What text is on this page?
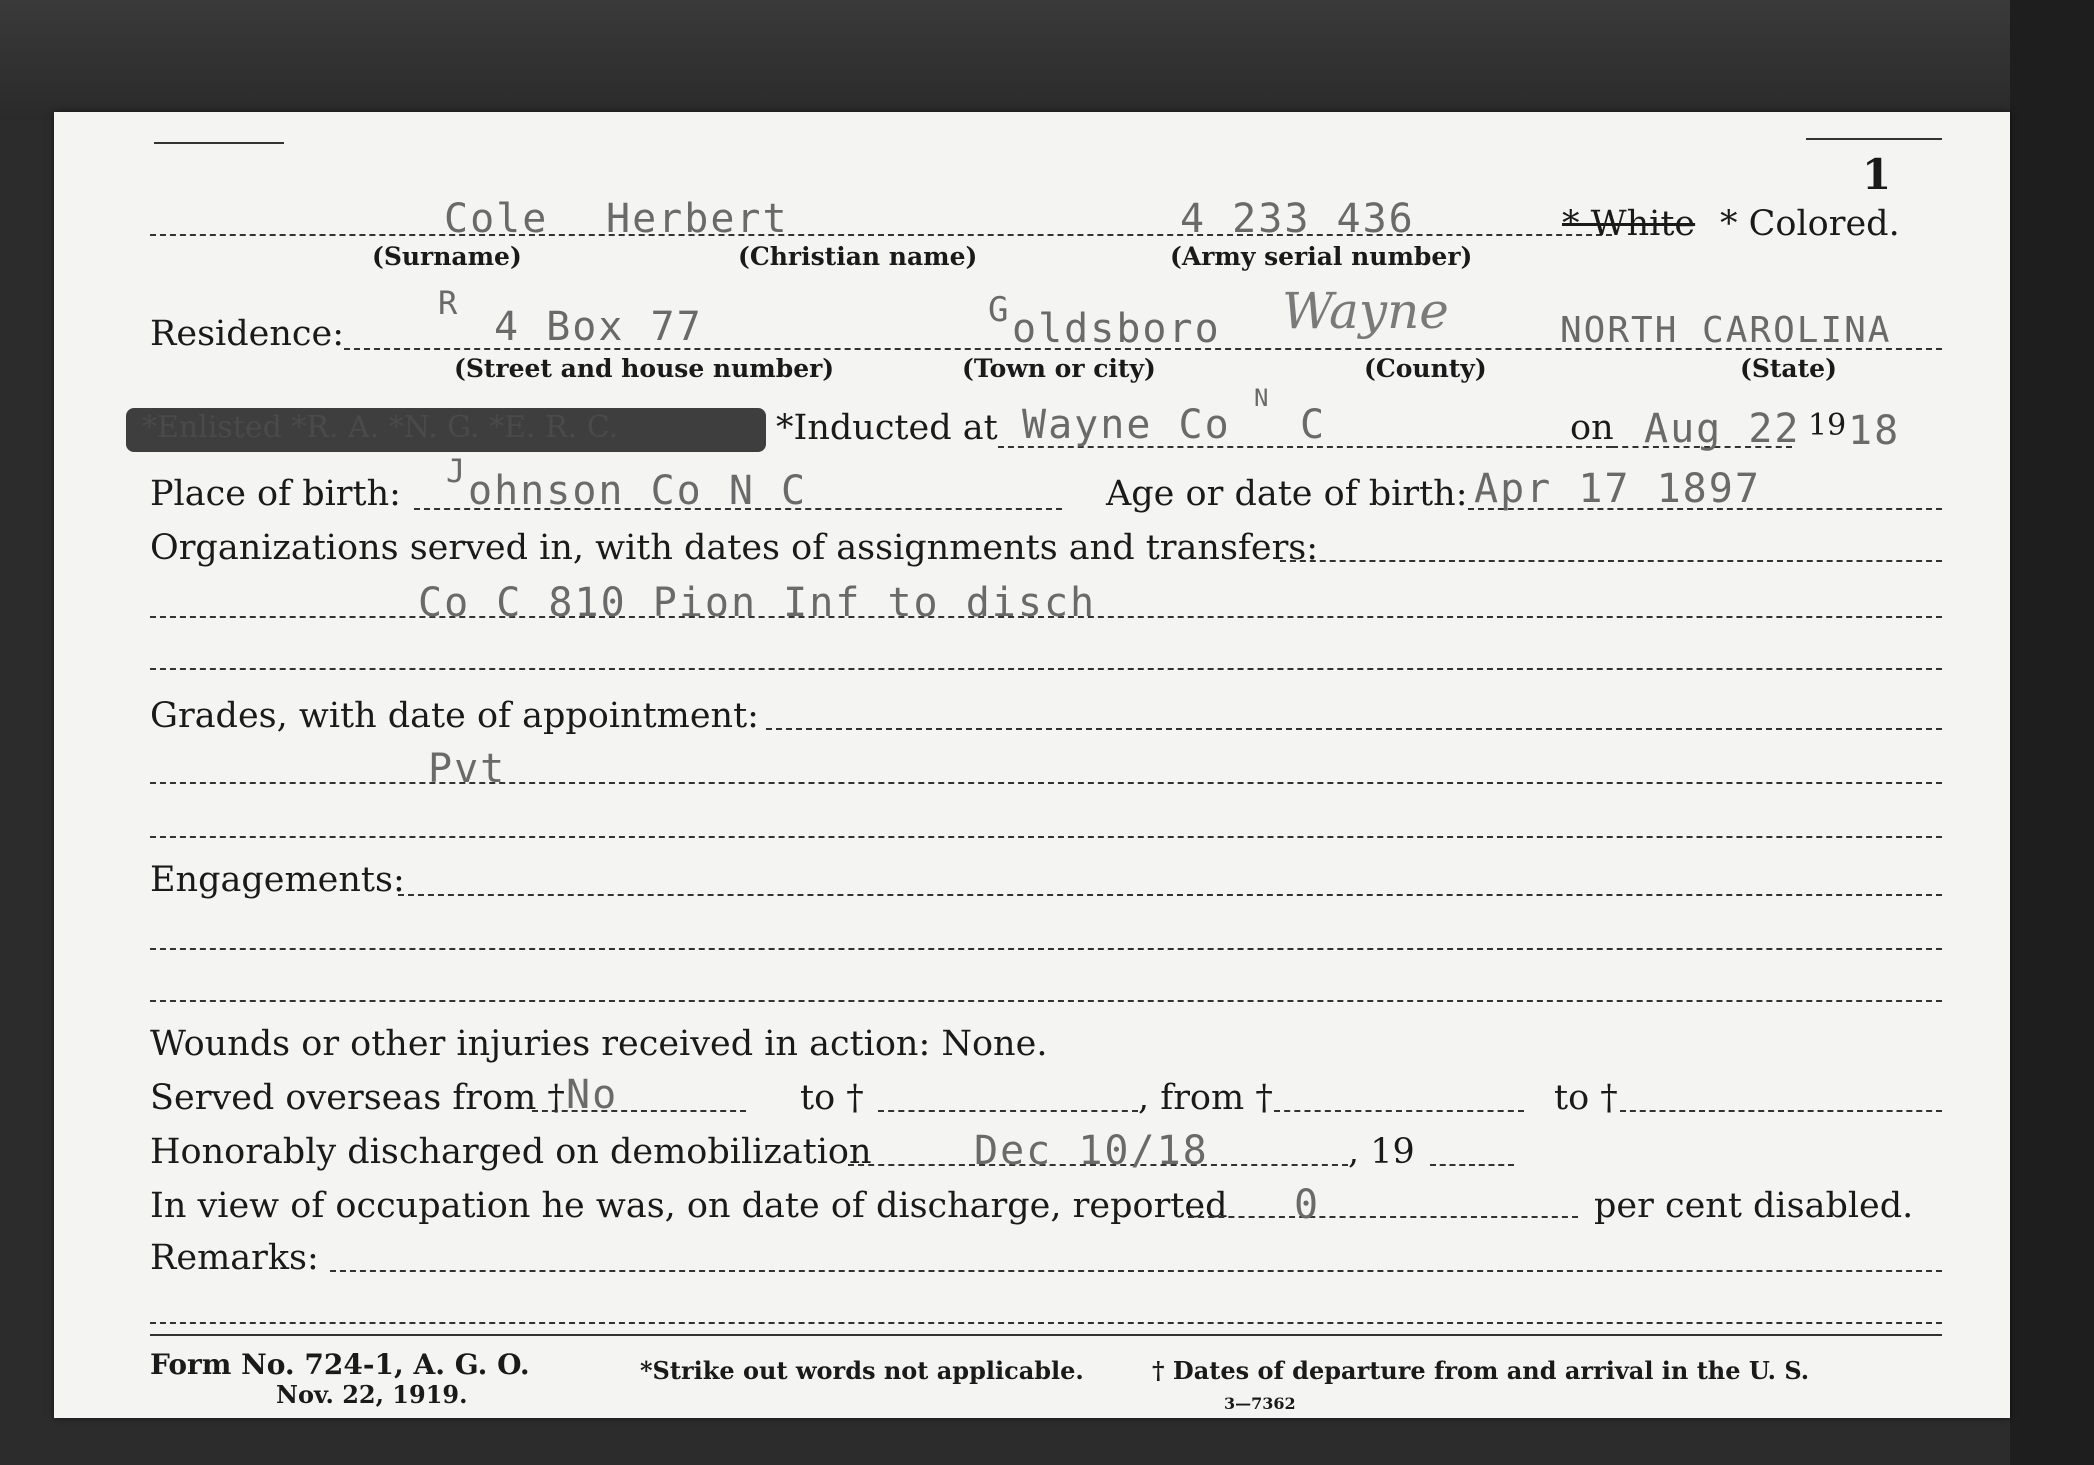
1
Cole Herbert	4 233 436	* White * Colored.
(Surname)	(Christian name)	(Army serial number)
Residence:
R
4 Box 77	G oldsboro Wayne	NORTH CAROLINA
(Street and house number)	(Town or city)	(County)	(State)
*Enlisted *R. A. *N. G. *E. R. C.	*Inducted at Wayne Co
N
C	on Aug 22 19 18
Place of birth:
J ohnson Co N C	Age or date of birth: Apr 17 1897
Organizations served in, with dates of assignments and transfers:
Co C 810 Pion Inf to disch
Grades, with date of appointment:
Pvt
Engagements:
Wounds or other injuries received in action: None.
Served overseas from † No	to †	, from †	to †
Honorably discharged on demobilization	Dec 10/18	, 19
In view of occupation he was, on date of discharge, reported 0	per cent disabled.
Remarks:
Form No. 724-1, A. G. O.
Nov. 22, 1919.
*Strike out words not applicable.	† Dates of departure from and arrival in the U. S.
3—7362
